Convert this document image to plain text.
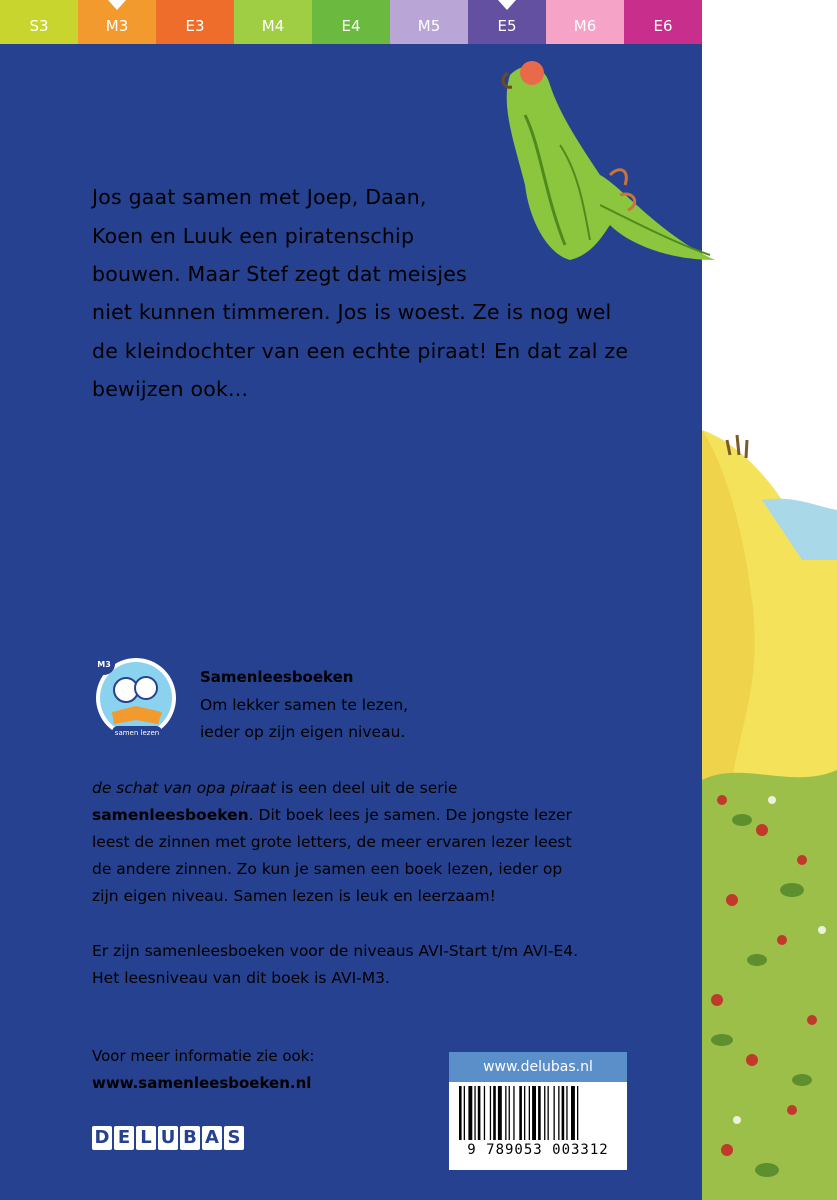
S3	M3	E3	M4	E4	M5	E5	M6	E6
Jos gaat samen met Joep, Daan,
Koen en Luuk een piratenschip
bouwen. Maar Stef zegt dat meisjes
niet kunnen timmeren. Jos is woest. Ze is nog wel
de kleindochter van een echte piraat! En dat zal ze
bewijzen ook...
samen lezen
M3
Samenleesboeken
Om lekker samen te lezen,
ieder op zijn eigen niveau.
de schat van opa piraat is een deel uit de serie
samenleesboeken. Dit boek lees je samen. De jongste lezer
leest de zinnen met grote letters, de meer ervaren lezer leest
de andere zinnen. Zo kun je samen een boek lezen, ieder op
zijn eigen niveau. Samen lezen is leuk en leerzaam!
Er zijn samenleesboeken voor de niveaus AVI-Start t/m AVI-E4.
Het leesniveau van dit boek is AVI-M3.
Voor meer informatie zie ook:
www.samenleesboeken.nl
D E L U B A S
www.delubas.nl
9 789053 003312
